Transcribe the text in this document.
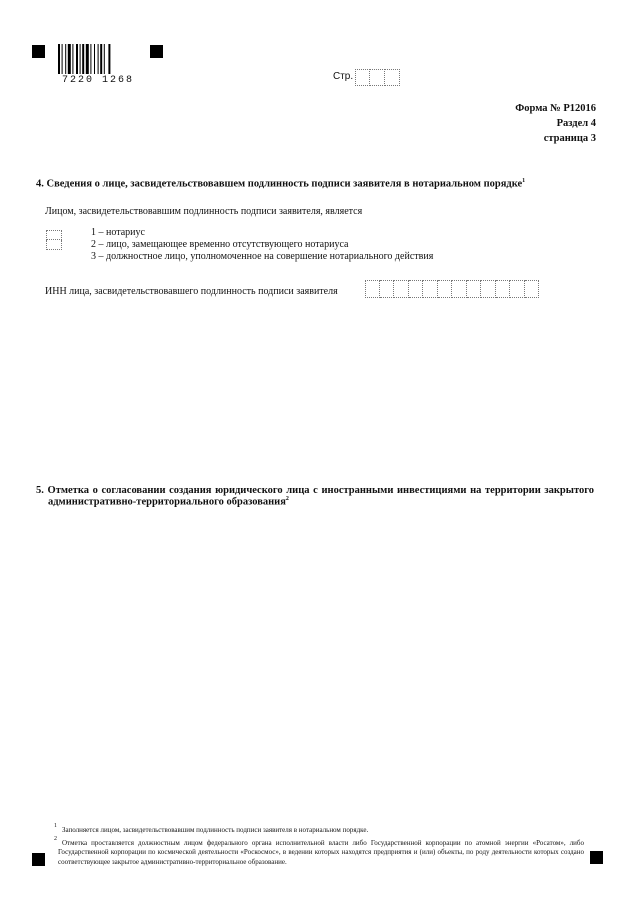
7220 1268	Стр.
Форма № Р12016
Раздел 4
страница 3
4. Сведения о лице, засвидетельствовавшем подлинность подписи заявителя в нотариальном порядке$^1$
Лицом, засвидетельствовавшим подлинность подписи заявителя, является
1 – нотариус
2 – лицо, замещающее временно отсутствующего нотариуса
3 – должностное лицо, уполномоченное на совершение нотариального действия
ИНН лица, засвидетельствовавшего подлинность подписи заявителя
5. Отметка о согласовании создания юридического лица с иностранными инвестициями на территории закрытого
административно-территориального образования$^2$
1 Заполняется лицом, засвидетельствовавшим подлинность подписи заявителя в нотариальном порядке.
2 Отметка проставляется должностным лицом федерального органа исполнительной власти либо Государственной корпорации по атомной энергии «Росатом», либо Государственной корпорации по космической деятельности «Роскосмос», в ведении которых находятся предприятия и (или) объекты, по роду деятельности которых создано соответствующее закрытое административно-территориальное образование.
